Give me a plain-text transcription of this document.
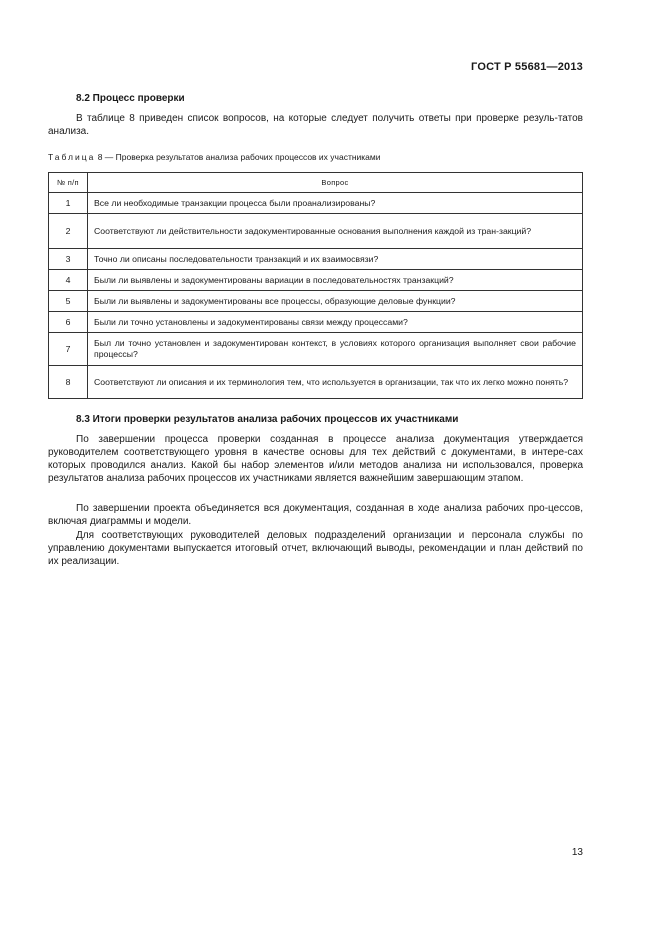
ГОСТ Р 55681—2013
8.2 Процесс проверки
В таблице 8 приведен список вопросов, на которые следует получить ответы при проверке резуль-татов анализа.
Таблица 8 — Проверка результатов анализа рабочих процессов их участниками
№ п/п	Вопрос
1	Все ли необходимые транзакции процесса были проанализированы?
2	Соответствуют ли действительности задокументированные основания выполнения каждой из тран-закций?
3	Точно ли описаны последовательности транзакций и их взаимосвязи?
4	Были ли выявлены и задокументированы вариации в последовательностях транзакций?
5	Были ли выявлены и задокументированы все процессы, образующие деловые функции?
6	Были ли точно установлены и задокументированы связи между процессами?
7	Был ли точно установлен и задокументирован контекст, в условиях которого организация выполняет свои рабочие процессы?
8	Соответствуют ли описания и их терминология тем, что используется в организации, так что их легко можно понять?
8.3 Итоги проверки результатов анализа рабочих процессов их участниками
По завершении процесса проверки созданная в процессе анализа документация утверждается руководителем соответствующего уровня в качестве основы для тех действий с документами, в интере-сах которых проводился анализ. Какой бы набор элементов и/или методов анализа ни использовался, проверка результатов анализа рабочих процессов их участниками является важнейшим завершающим этапом.
По завершении проекта объединяется вся документация, созданная в ходе анализа рабочих про-цессов, включая диаграммы и модели.
Для соответствующих руководителей деловых подразделений организации и персонала службы по управлению документами выпускается итоговый отчет, включающий выводы, рекомендации и план действий по их реализации.
13
